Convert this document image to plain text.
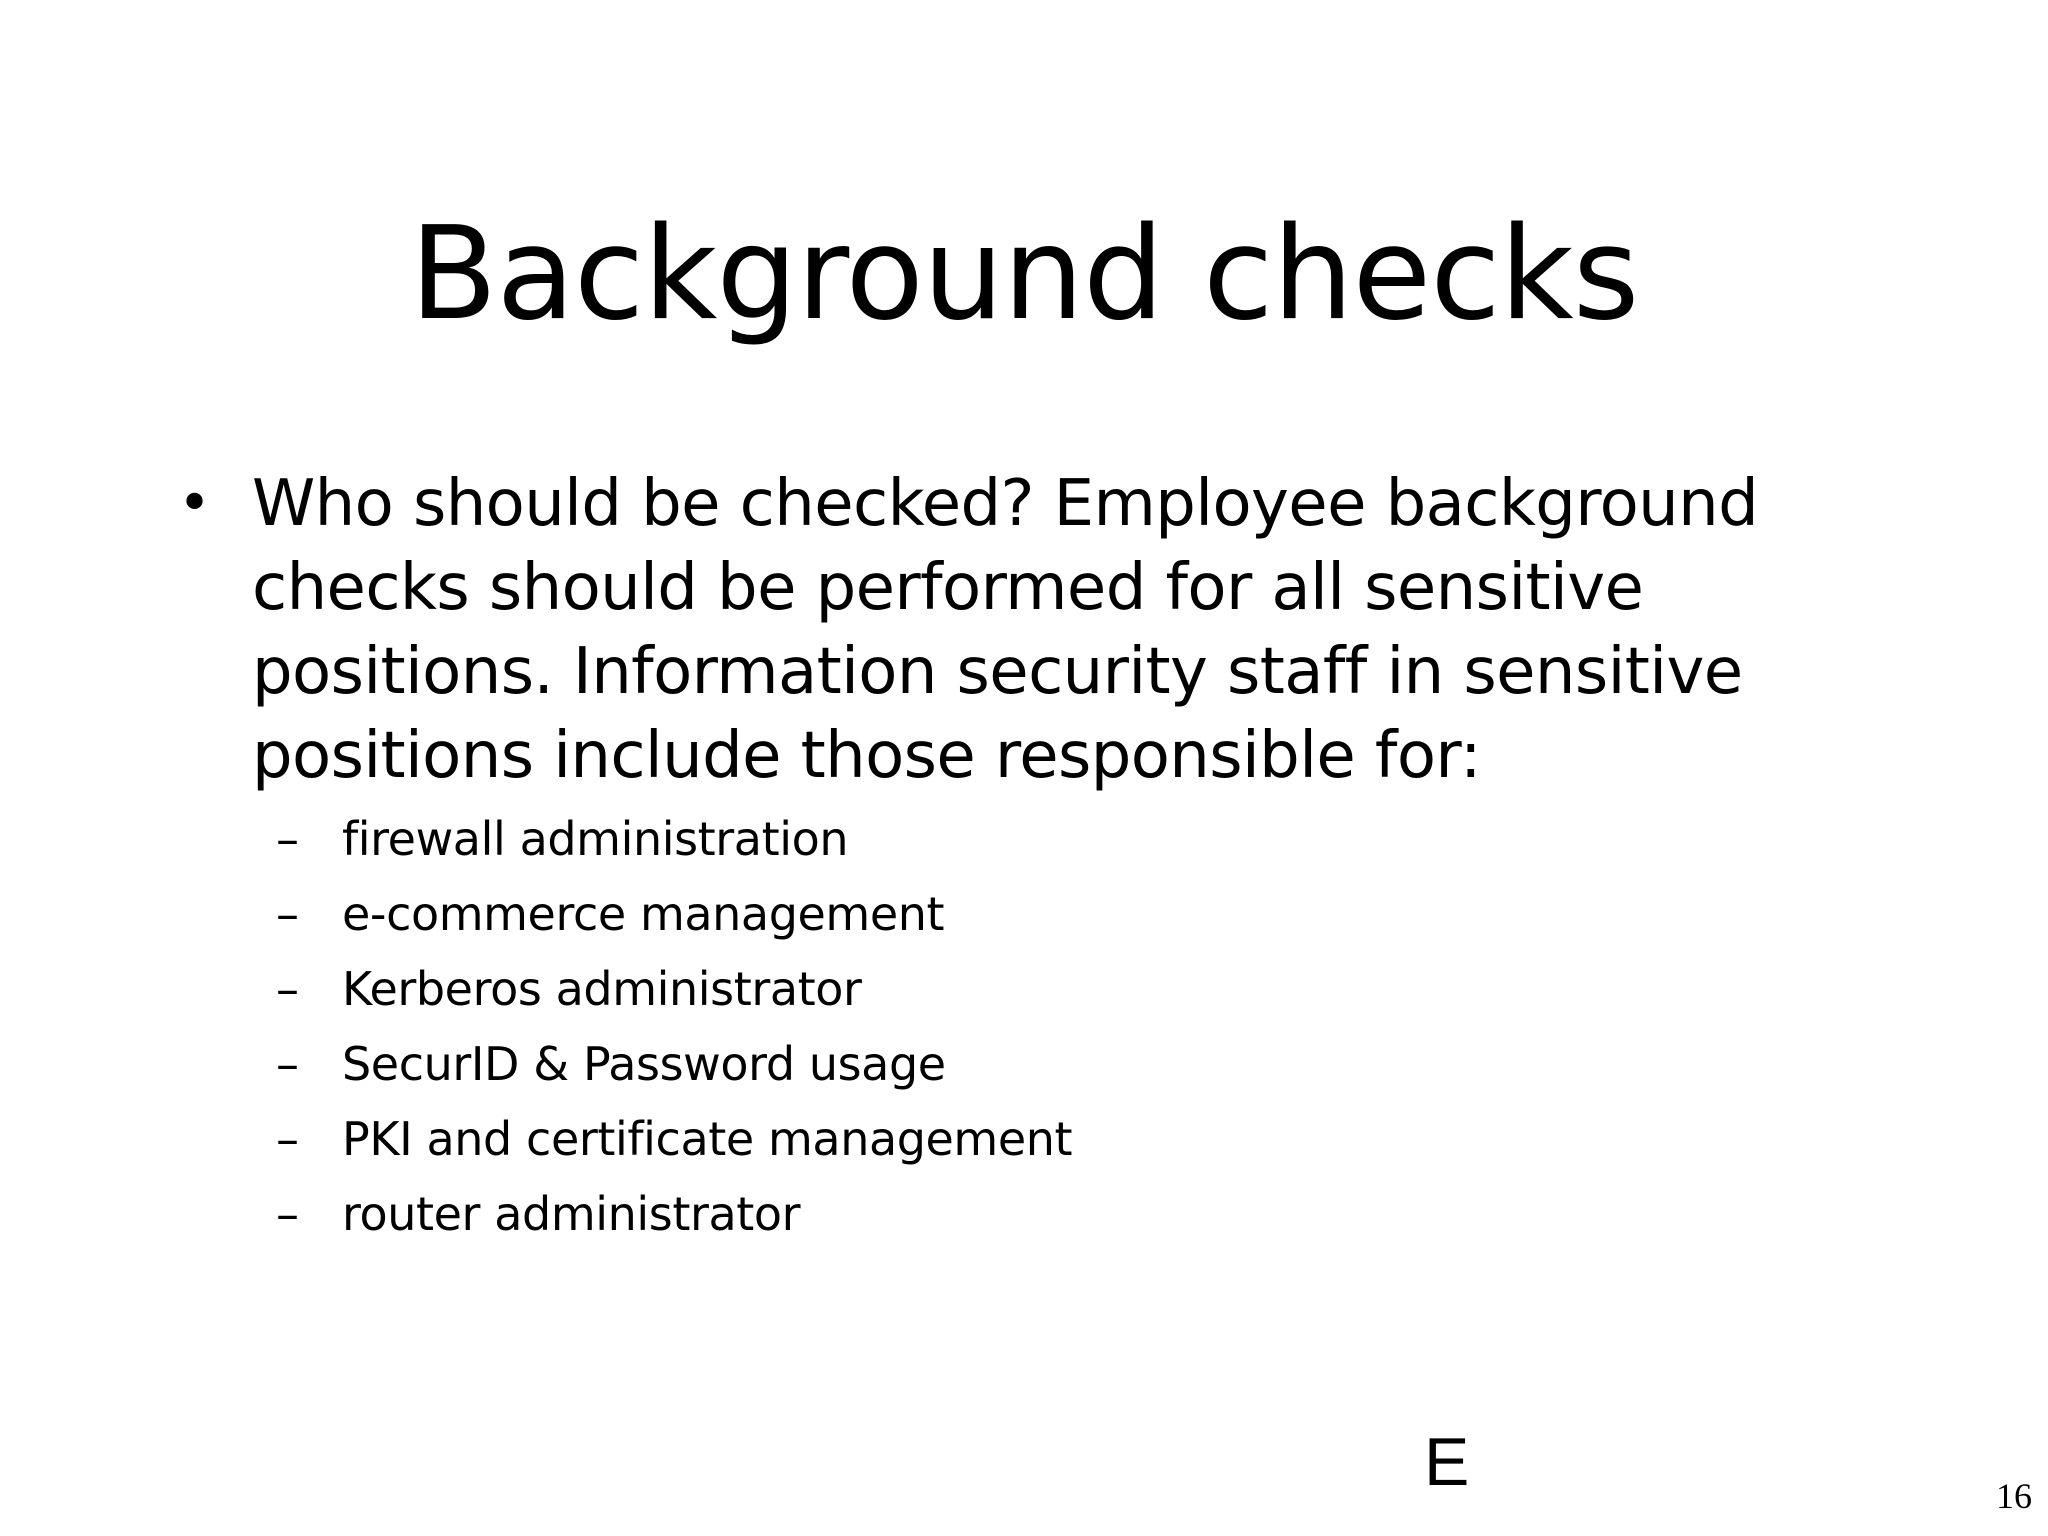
Background checks
• Who should be checked? Employee background checks should be performed for all sensitive positions. Information security staff in sensitive positions include those responsible for:
– firewall administration
– e-commerce management
– Kerberos administrator
– SecurID & Password usage
– PKI and certificate management
– router administrator
E	16
